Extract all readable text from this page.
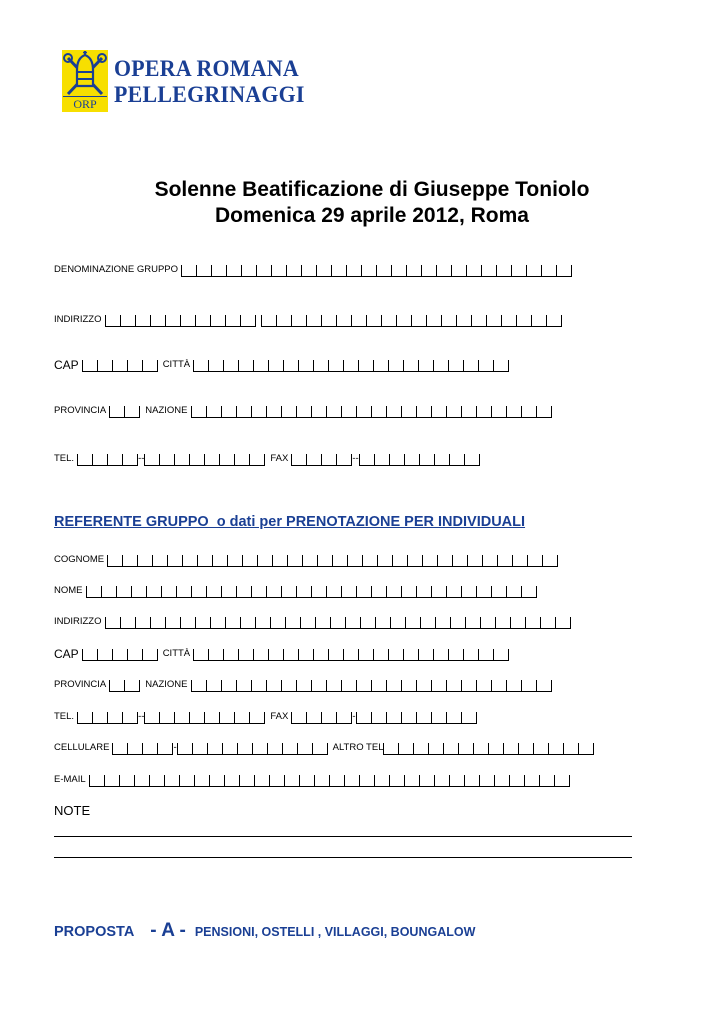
ORP
OPERA ROMANA
PELLEGRINAGGI
Solenne Beatificazione di Giuseppe Toniolo
Domenica 29 aprile 2012, Roma
DENOMINAZIONE GRUPPO
INDIRIZZO
CAP	CITTÀ
PROVINCIA	NAZIONE
TEL.	--	FAX	--
REFERENTE GRUPPO  o dati per PRENOTAZIONE PER INDIVIDUALI
COGNOME
NOME
INDIRIZZO
CAP	CITTÀ
PROVINCIA	NAZIONE
TEL.	--	FAX	-
CELLULARE	-	ALTRO TEL
E-MAIL
NOTE
PROPOSTA - A - PENSIONI, OSTELLI , VILLAGGI, BOUNGALOW
